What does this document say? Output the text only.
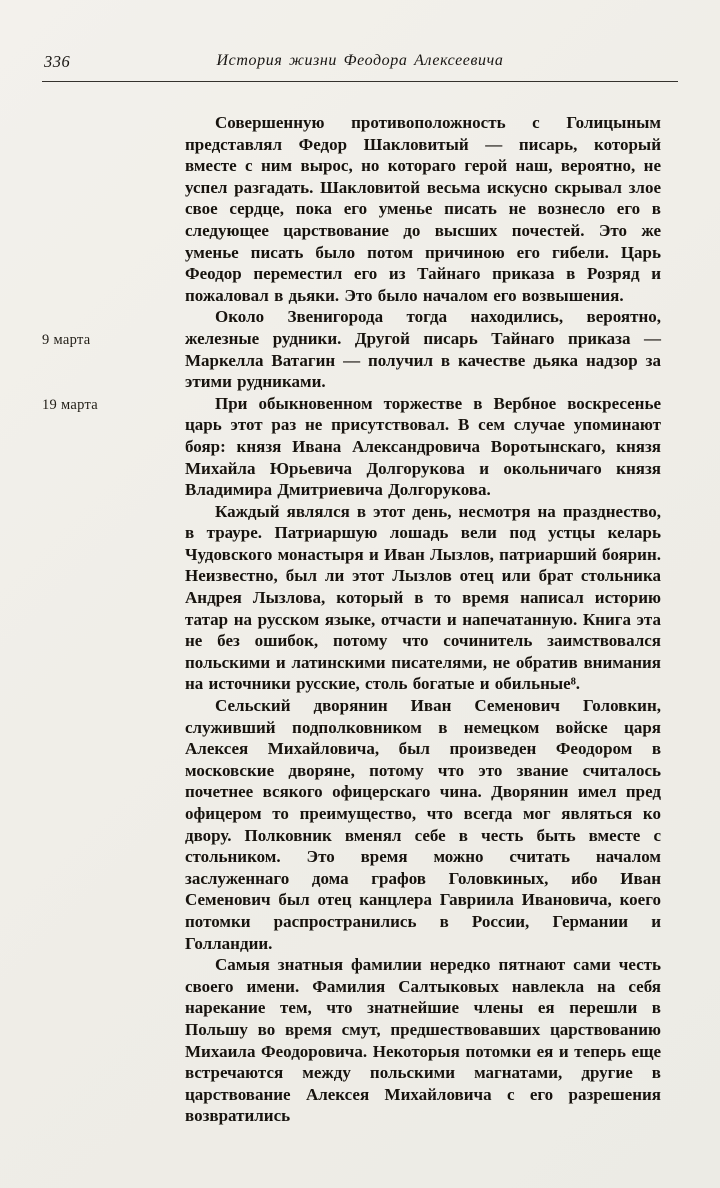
336	История жизни Феодора Алексеевича
9 марта
19 марта

Совершенную противоположность с Голицыным представлял Федор Шакловитый — писарь, который вместе с ним вырос, но котораго герой наш, вероятно, не успел разгадать. Шакловитой весьма искусно скрывал злое свое сердце, пока его уменье писать не вознесло его в следующее царствование до высших почестей. Это же уменье писать было потом причиною его гибели. Царь Феодор переместил его из Тайнаго приказа в Розряд и пожаловал в дьяки. Это было началом его возвышения.

Около Звенигорода тогда находились, вероятно, железные рудники. Другой писарь Тайнаго приказа — Маркелла Ватагин — получил в качестве дьяка надзор за этими рудниками.

При обыкновенном торжестве в Вербное воскресенье царь этот раз не присутствовал. В сем случае упоминают бояр: князя Ивана Александровича Воротынскаго, князя Михайла Юрьевича Долгорукова и окольничаго князя Владимира Дмитриевича Долгорукова.

Каждый являлся в этот день, несмотря на празднество, в трауре. Патриаршую лошадь вели под устцы келарь Чудовского монастыря и Иван Лызлов, патриарший боярин. Неизвестно, был ли этот Лызлов отец или брат стольника Андрея Лызлова, который в то время написал историю татар на русском языке, отчасти и напечатанную. Книга эта не без ошибок, потому что сочинитель заимствовался польскими и латинскими писателями, не обратив внимания на источники русские, столь богатые и обильные⁸.

Сельский дворянин Иван Семенович Головкин, служивший подполковником в немецком войске царя Алексея Михайловича, был произведен Феодором в московские дворяне, потому что это звание считалось почетнее всякого офицерскаго чина. Дворянин имел пред офицером то преимущество, что всегда мог являться ко двору. Полковник вменял себе в честь быть вместе с стольником. Это время можно считать началом заслуженнаго дома графов Головкиных, ибо Иван Семенович был отец канцлера Гавриила Ивановича, коего потомки распространились в России, Германии и Голландии.

Самыя знатныя фамилии нередко пятнают сами честь своего имени. Фамилия Салтыковых навлекла на себя нарекание тем, что знатнейшие члены ея перешли в Польшу во время смут, предшествовавших царствованию Михаила Феодоровича. Некоторыя потомки ея и теперь еще встречаются между польскими магнатами, другие в царствование Алексея Михайловича с его разрешения возвратились
